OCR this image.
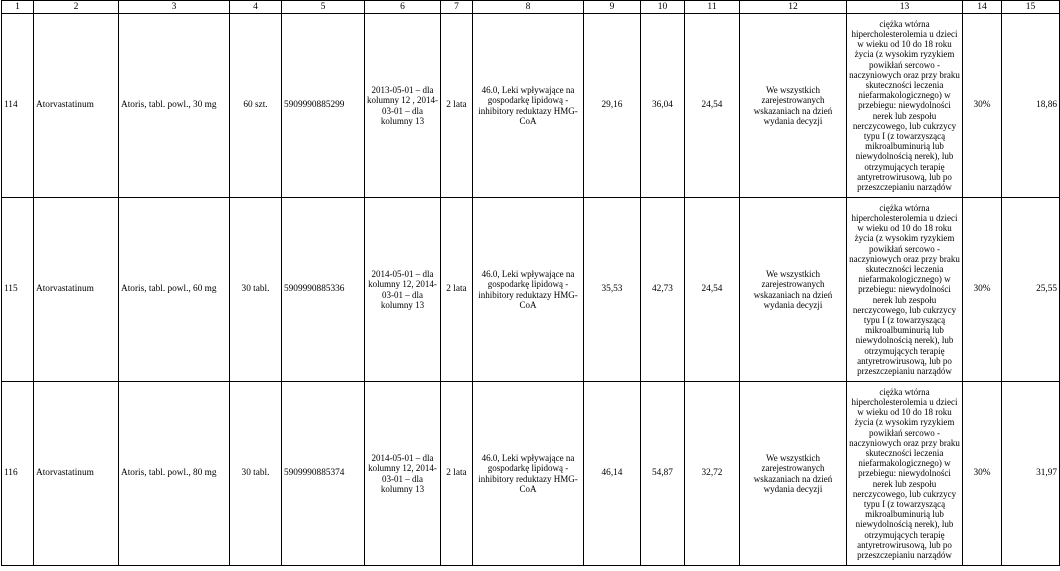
1	2	3	4	5	6	7	8	9	10	11	12	13	14	15
114	Atorvastatinum	Atoris, tabl. powl., 30 mg	60 szt.	5909990885299	2013-05-01 – dla kolumny 12 , 2014-03-01 – dla kolumny 13	2 lata	46.0, Leki wpływające na gospodarkę lipidową - inhibitory reduktazy HMG-CoA	29,16	36,04	24,54	We wszystkich zarejestrowanych wskazaniach na dzień wydania decyzji	ciężka wtórna hipercholesterolemia u dzieci w wieku od 10 do 18 roku życia (z wysokim ryzykiem powikłań sercowo - naczyniowych oraz przy braku skuteczności leczenia niefarmakologicznego) w przebiegu: niewydolności nerek lub zespołu nerczycowego, lub cukrzycy typu I (z towarzyszącą mikroalbuminurią lub niewydolnością nerek), lub otrzymujących terapię antyretrowirusową, lub po przeszczepianiu narządów	30%	18,86
115	Atorvastatinum	Atoris, tabl. powl., 60 mg	30 tabl.	5909990885336	2014-05-01 – dla kolumny 12, 2014-03-01 – dla kolumny 13	2 lata	46.0, Leki wpływające na gospodarkę lipidową - inhibitory reduktazy HMG-CoA	35,53	42,73	24,54	We wszystkich zarejestrowanych wskazaniach na dzień wydania decyzji	ciężka wtórna hipercholesterolemia u dzieci w wieku od 10 do 18 roku życia (z wysokim ryzykiem powikłań sercowo - naczyniowych oraz przy braku skuteczności leczenia niefarmakologicznego) w przebiegu: niewydolności nerek lub zespołu nerczycowego, lub cukrzycy typu I (z towarzyszącą mikroalbuminurią lub niewydolnością nerek), lub otrzymujących terapię antyretrowirusową, lub po przeszczepianiu narządów	30%	25,55
116	Atorvastatinum	Atoris, tabl. powl., 80 mg	30 tabl.	5909990885374	2014-05-01 – dla kolumny 12, 2014-03-01 – dla kolumny 13	2 lata	46.0, Leki wpływające na gospodarkę lipidową - inhibitory reduktazy HMG-CoA	46,14	54,87	32,72	We wszystkich zarejestrowanych wskazaniach na dzień wydania decyzji	ciężka wtórna hipercholesterolemia u dzieci w wieku od 10 do 18 roku życia (z wysokim ryzykiem powikłań sercowo - naczyniowych oraz przy braku skuteczności leczenia niefarmakologicznego) w przebiegu: niewydolności nerek lub zespołu nerczycowego, lub cukrzycy typu I (z towarzyszącą mikroalbuminurią lub niewydolnością nerek), lub otrzymujących terapię antyretrowirusową, lub po przeszczepianiu narządów	30%	31,97
